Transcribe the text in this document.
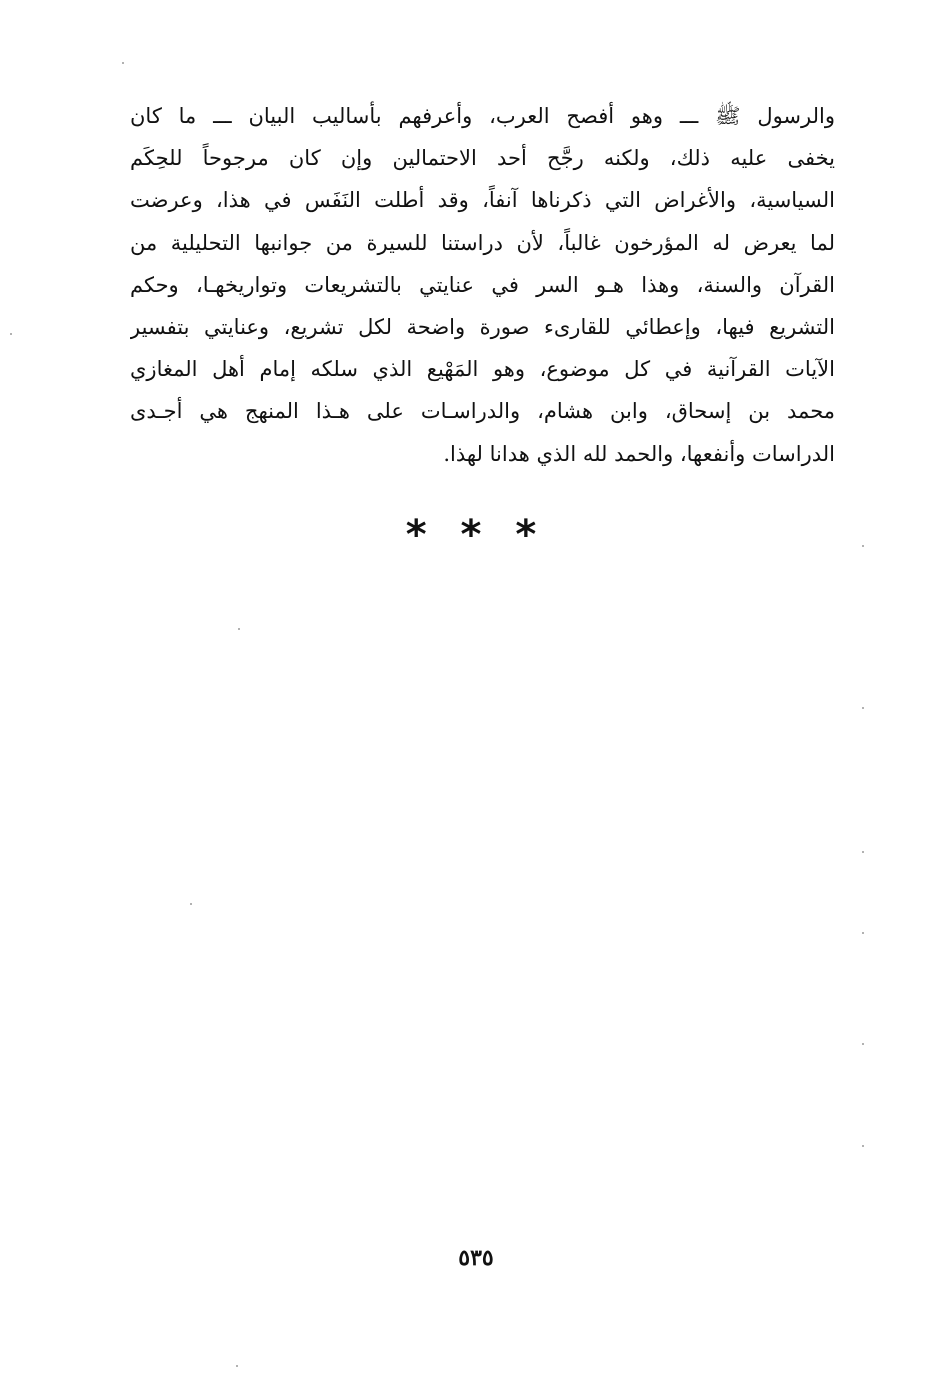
والرسول ﷺ ـــ وهو أفصح العرب، وأعرفهم بأساليب البيان ـــ ما كان
يخفى عليه ذلك، ولكنه رجَّح أحد الاحتمالين وإن كان مرجوحاً للحِكَم
السياسية، والأغراض التي ذكرناها آنفاً، وقد أطلت النَفَس في هذا، وعرضت
لما يعرض له المؤرخون غالباً، لأن دراستنا للسيرة من جوانبها التحليلية من
القرآن والسنة، وهذا هـو السر في عنايتي بالتشريعات وتواريخهـا، وحكم
التشريع فيها، وإعطائي للقارىء صورة واضحة لكل تشريع، وعنايتي بتفسير
الآيات القرآنية في كل موضوع، وهو المَهْيع الذي سلكه إمام أهل المغازي
محمد بن إسحاق، وابن هشام، والدراسـات على هـذا المنهج هي أجـدى
الدراسات وأنفعها، والحمد لله الذي هدانا لهذا.
* * *
٥٣٥
